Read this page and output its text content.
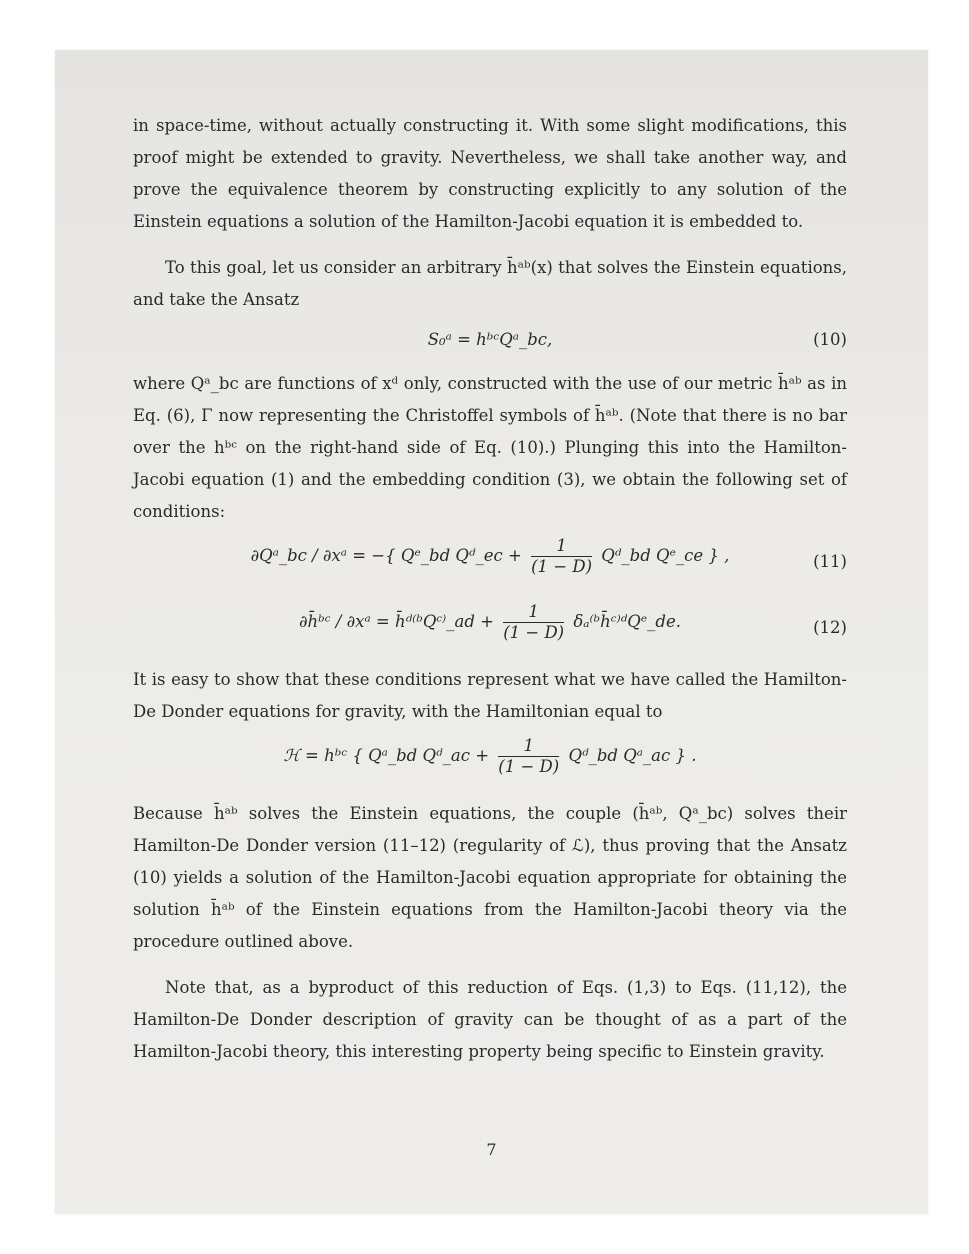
in space-time, without actually constructing it. With some slight modifications, this proof might be extended to gravity. Nevertheless, we shall take another way, and prove the equivalence theorem by constructing explicitly to any solution of the Einstein equations a solution of the Hamilton-Jacobi equation it is embedded to.

To this goal, let us consider an arbitrary h̄ᵃᵇ(x) that solves the Einstein equations, and take the Ansatz

S₀ᵃ = hᵇᶜQᵃ_bc,	(10)

where Qᵃ_bc are functions of xᵈ only, constructed with the use of our metric h̄ᵃᵇ as in Eq. (6), Γ now representing the Christoffel symbols of h̄ᵃᵇ. (Note that there is no bar over the hᵇᶜ on the right-hand side of Eq. (10).) Plunging this into the Hamilton-Jacobi equation (1) and the embedding condition (3), we obtain the following set of conditions:

∂Qᵃ_bc / ∂xᵃ = −{ Qᵉ_bd Qᵈ_ec + $\frac{1}{(1 - D)}$ Qᵈ_bd Qᵉ_ce } ,	(11)
∂h̄ᵇᶜ / ∂xᵃ = h̄ᵈ⁽ᵇQᶜ⁾_ad + $\frac{1}{(1 - D)}$ δₐ⁽ᵇh̄ᶜ⁾ᵈQᵉ_de.	(12)

It is easy to show that these conditions represent what we have called the Hamilton-De Donder equations for gravity, with the Hamiltonian equal to

ℋ = hᵇᶜ { Qᵃ_bd Qᵈ_ac + $\frac{1}{(1 - D)}$ Qᵈ_bd Qᵃ_ac } .

Because h̄ᵃᵇ solves the Einstein equations, the couple (h̄ᵃᵇ, Qᵃ_bc) solves their Hamilton-De Donder version (11–12) (regularity of ℒ), thus proving that the Ansatz (10) yields a solution of the Hamilton-Jacobi equation appropriate for obtaining the solution h̄ᵃᵇ of the Einstein equations from the Hamilton-Jacobi theory via the procedure outlined above.

Note that, as a byproduct of this reduction of Eqs. (1,3) to Eqs. (11,12), the Hamilton-De Donder description of gravity can be thought of as a part of the Hamilton-Jacobi theory, this interesting property being specific to Einstein gravity.

7
